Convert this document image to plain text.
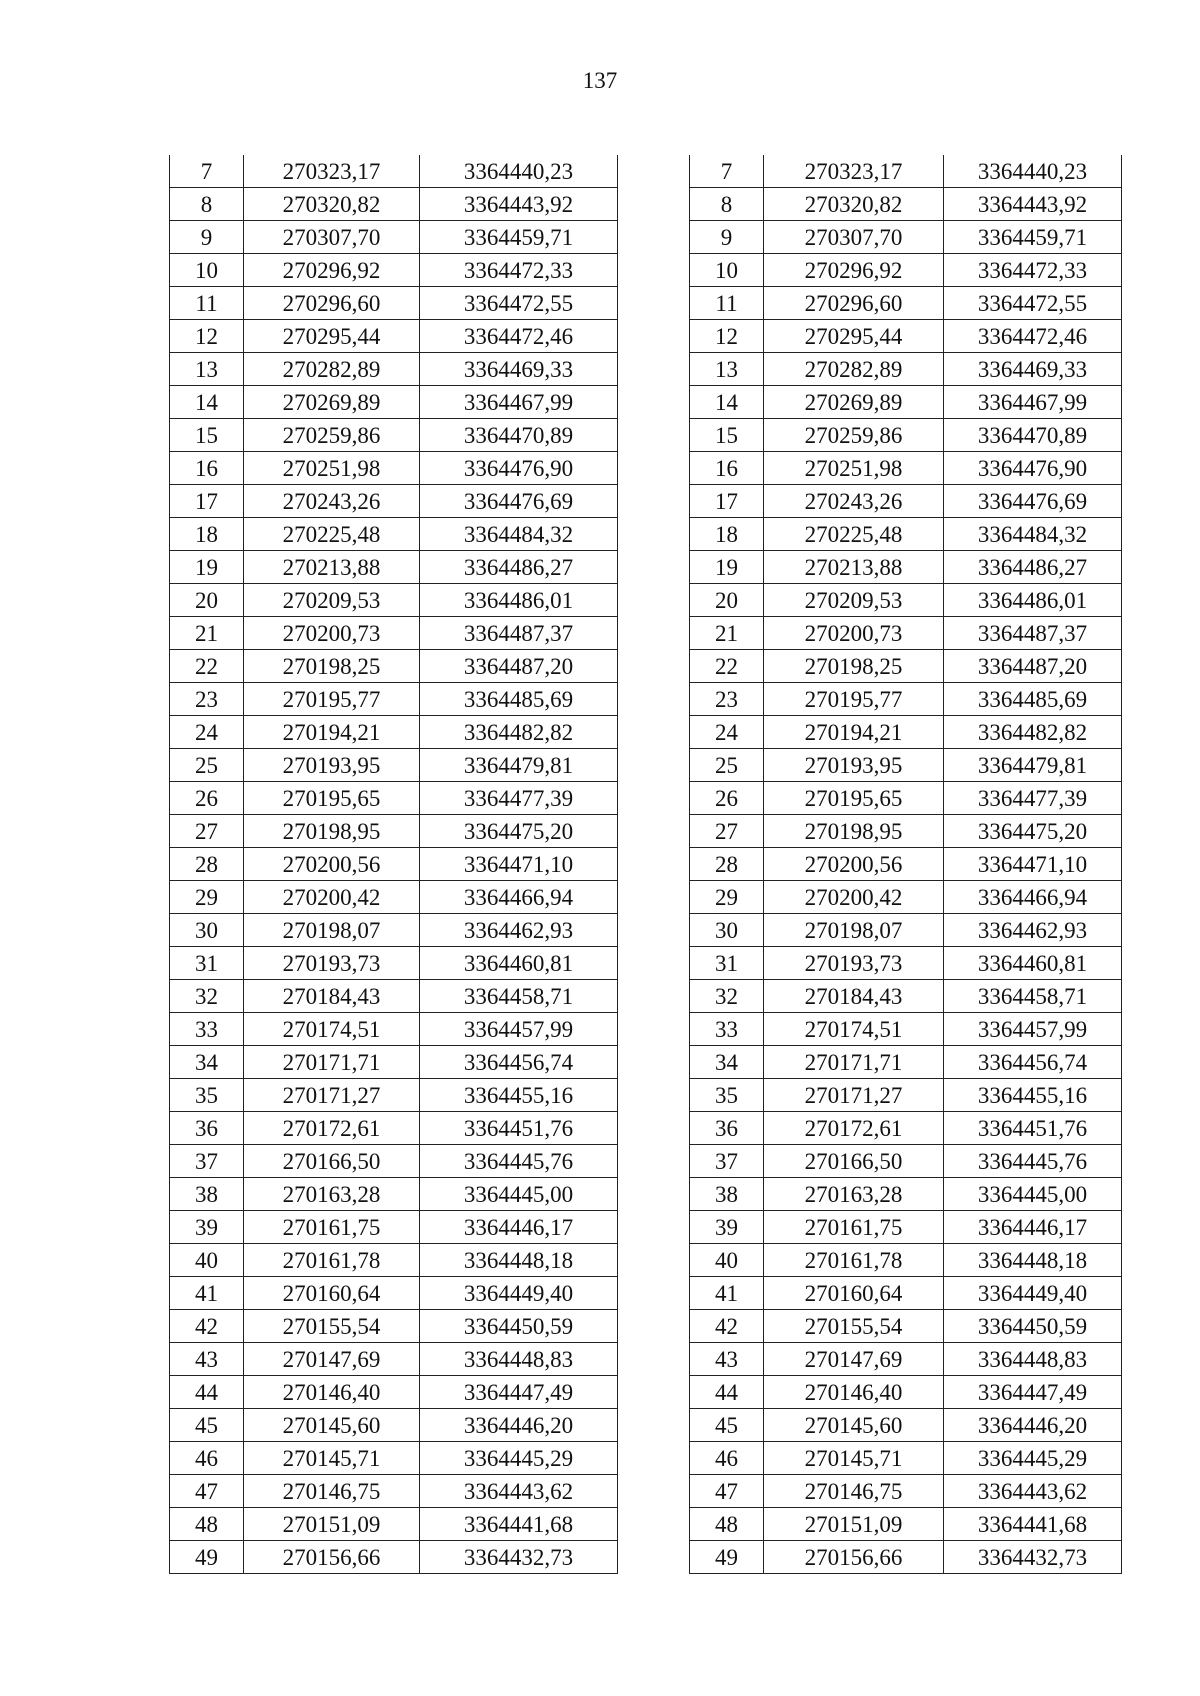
137
7	270323,17	3364440,23
8	270320,82	3364443,92
9	270307,70	3364459,71
10	270296,92	3364472,33
11	270296,60	3364472,55
12	270295,44	3364472,46
13	270282,89	3364469,33
14	270269,89	3364467,99
15	270259,86	3364470,89
16	270251,98	3364476,90
17	270243,26	3364476,69
18	270225,48	3364484,32
19	270213,88	3364486,27
20	270209,53	3364486,01
21	270200,73	3364487,37
22	270198,25	3364487,20
23	270195,77	3364485,69
24	270194,21	3364482,82
25	270193,95	3364479,81
26	270195,65	3364477,39
27	270198,95	3364475,20
28	270200,56	3364471,10
29	270200,42	3364466,94
30	270198,07	3364462,93
31	270193,73	3364460,81
32	270184,43	3364458,71
33	270174,51	3364457,99
34	270171,71	3364456,74
35	270171,27	3364455,16
36	270172,61	3364451,76
37	270166,50	3364445,76
38	270163,28	3364445,00
39	270161,75	3364446,17
40	270161,78	3364448,18
41	270160,64	3364449,40
42	270155,54	3364450,59
43	270147,69	3364448,83
44	270146,40	3364447,49
45	270145,60	3364446,20
46	270145,71	3364445,29
47	270146,75	3364443,62
48	270151,09	3364441,68
49	270156,66	3364432,73
7	270323,17	3364440,23
8	270320,82	3364443,92
9	270307,70	3364459,71
10	270296,92	3364472,33
11	270296,60	3364472,55
12	270295,44	3364472,46
13	270282,89	3364469,33
14	270269,89	3364467,99
15	270259,86	3364470,89
16	270251,98	3364476,90
17	270243,26	3364476,69
18	270225,48	3364484,32
19	270213,88	3364486,27
20	270209,53	3364486,01
21	270200,73	3364487,37
22	270198,25	3364487,20
23	270195,77	3364485,69
24	270194,21	3364482,82
25	270193,95	3364479,81
26	270195,65	3364477,39
27	270198,95	3364475,20
28	270200,56	3364471,10
29	270200,42	3364466,94
30	270198,07	3364462,93
31	270193,73	3364460,81
32	270184,43	3364458,71
33	270174,51	3364457,99
34	270171,71	3364456,74
35	270171,27	3364455,16
36	270172,61	3364451,76
37	270166,50	3364445,76
38	270163,28	3364445,00
39	270161,75	3364446,17
40	270161,78	3364448,18
41	270160,64	3364449,40
42	270155,54	3364450,59
43	270147,69	3364448,83
44	270146,40	3364447,49
45	270145,60	3364446,20
46	270145,71	3364445,29
47	270146,75	3364443,62
48	270151,09	3364441,68
49	270156,66	3364432,73
